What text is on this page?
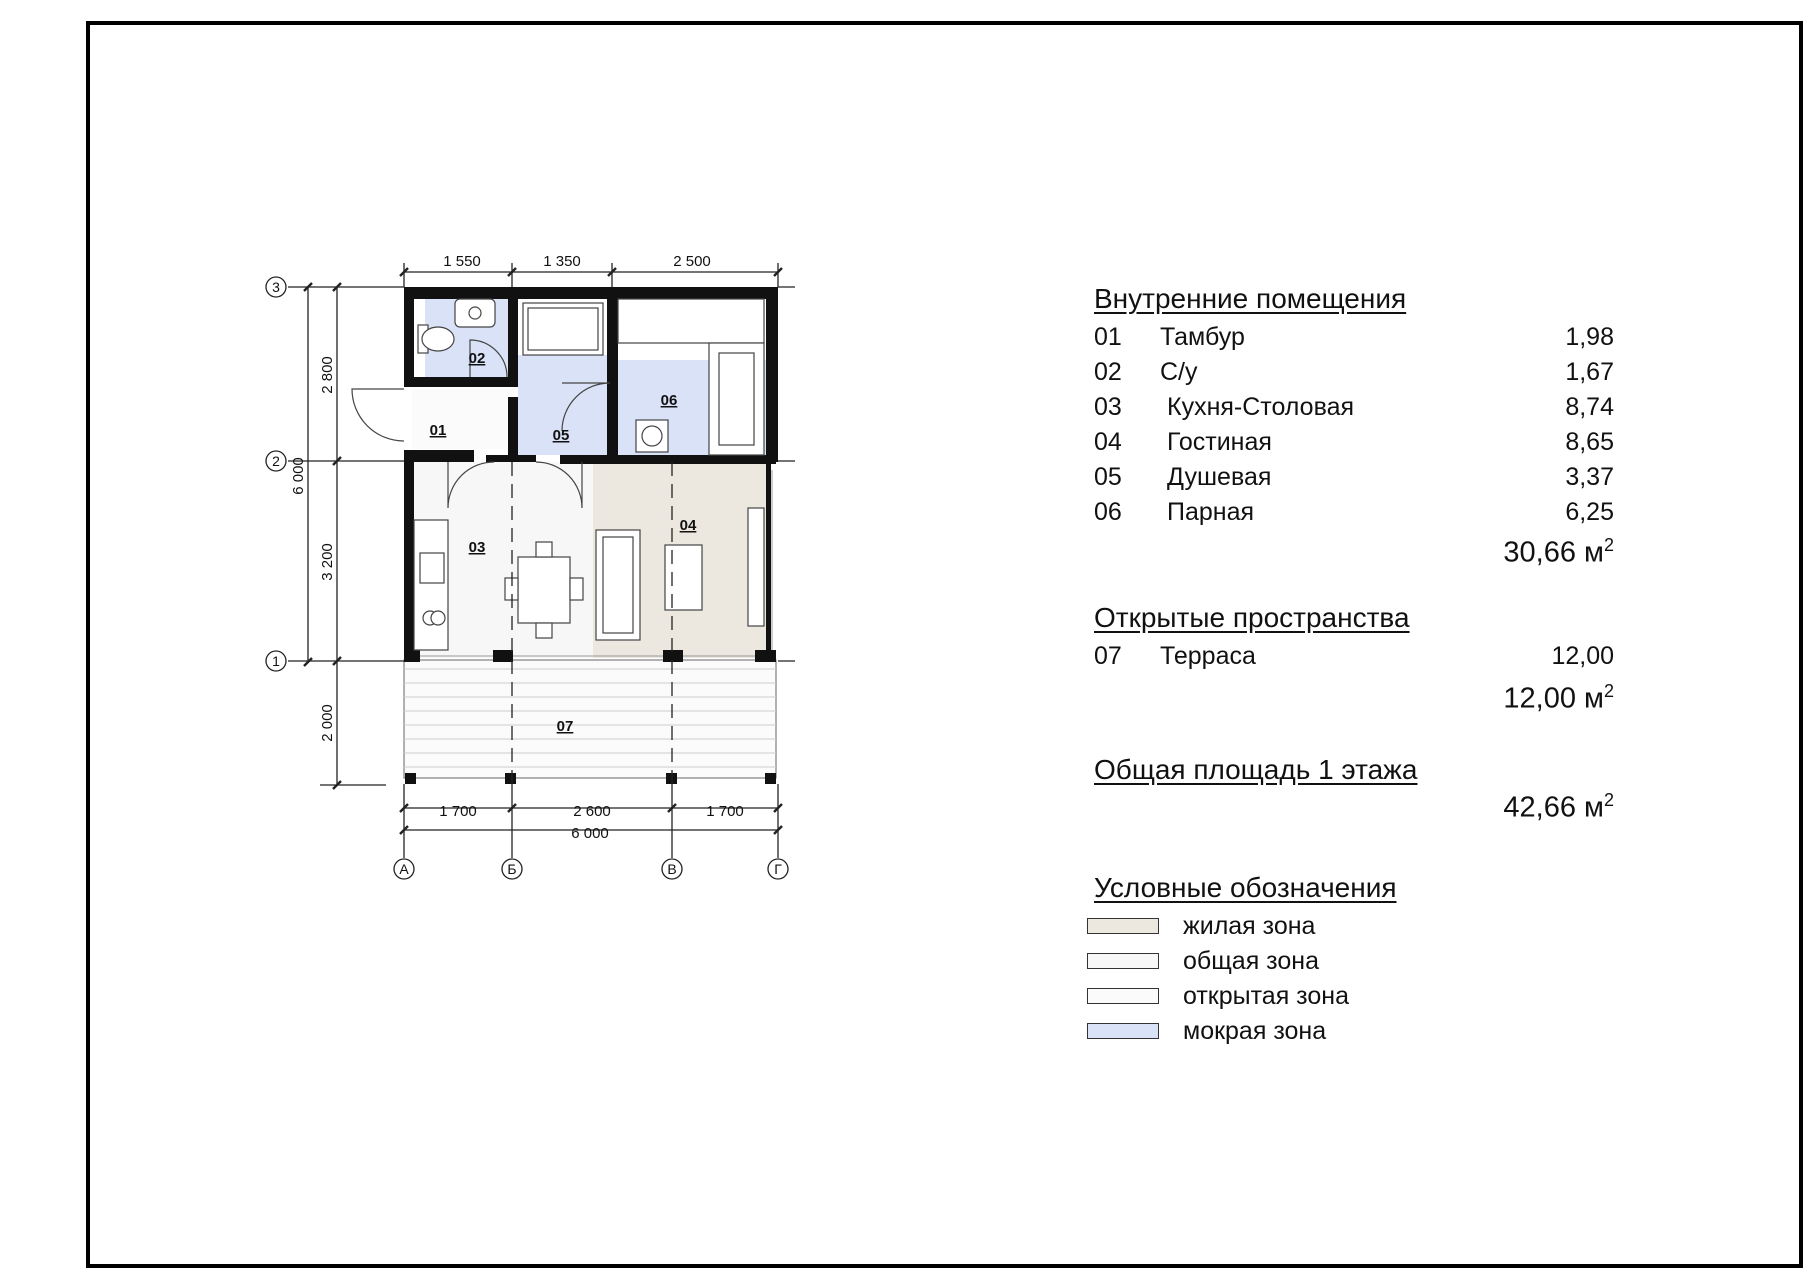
1 550	1 350	2 500
1 700	2 600	1 700
6 000
2 800
3 200
2 000
6 000
3
2
1
А	Б	В	Г
01
02
03
04
05
06
07
Внутренние помещения
01 Тамбур	1,98
02 С/у	1,67
03 Кухня-Столовая	8,74
04 Гостиная	8,65
05 Душевая	3,37
06 Парная	6,25
30,66 $м^2$
Открытые пространства
07 Терраса	12,00
12,00 $м^2$
Общая площадь 1 этажа
42,66 $м^2$
Условные обозначения
жилая зона
общая зона
открытая зона
мокрая зона
